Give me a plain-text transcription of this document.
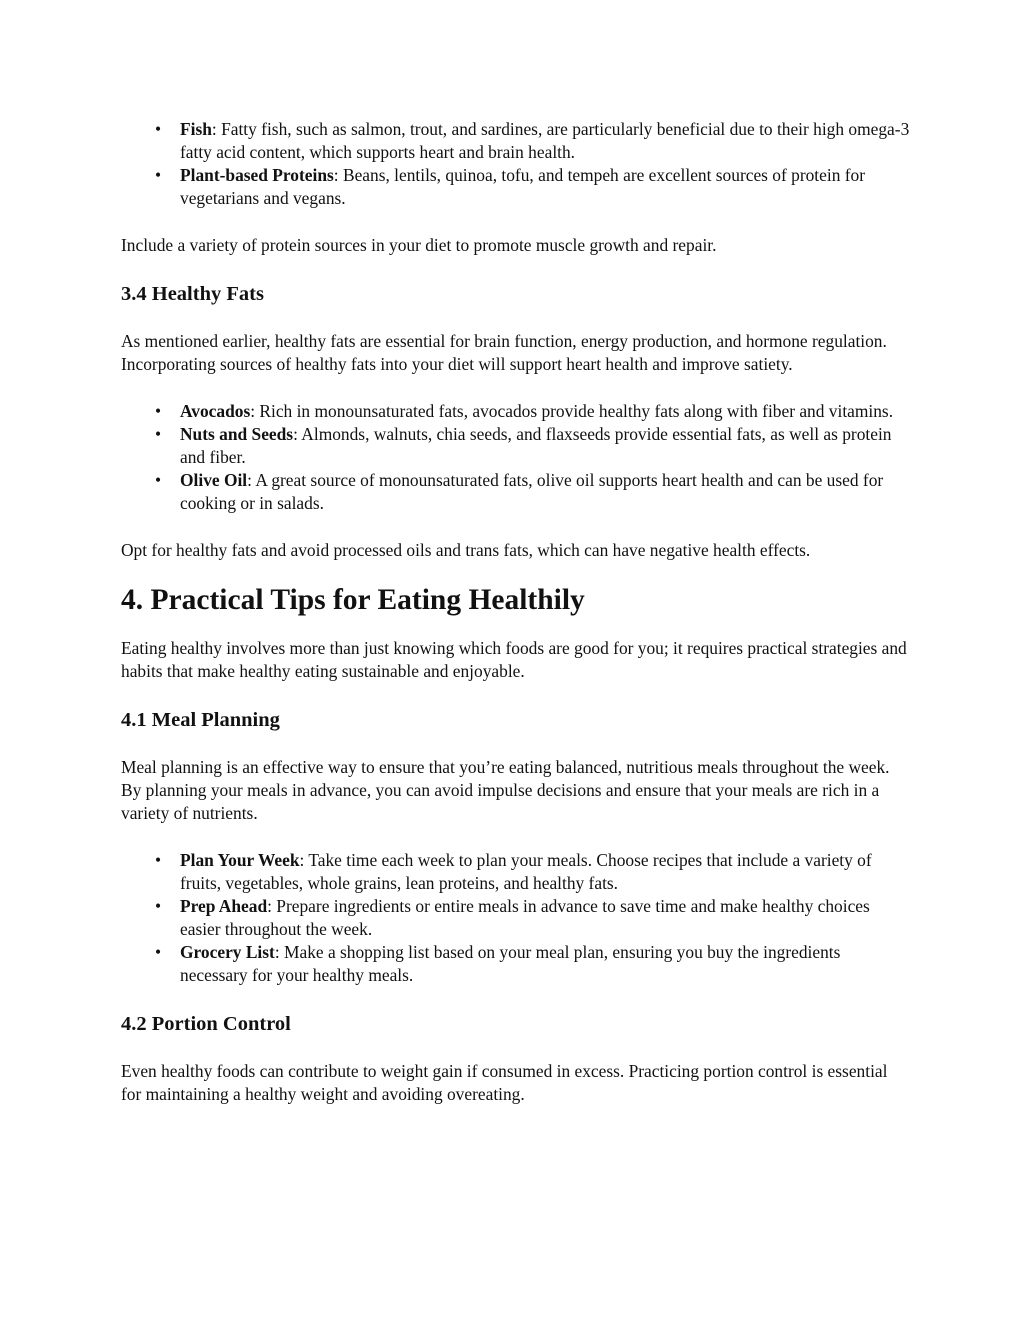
• Fish: Fatty fish, such as salmon, trout, and sardines, are particularly beneficial due to their high omega-3 fatty acid content, which supports heart and brain health.
• Plant-based Proteins: Beans, lentils, quinoa, tofu, and tempeh are excellent sources of protein for vegetarians and vegans.

Include a variety of protein sources in your diet to promote muscle growth and repair.

3.4 Healthy Fats

As mentioned earlier, healthy fats are essential for brain function, energy production, and hormone regulation. Incorporating sources of healthy fats into your diet will support heart health and improve satiety.

• Avocados: Rich in monounsaturated fats, avocados provide healthy fats along with fiber and vitamins.
• Nuts and Seeds: Almonds, walnuts, chia seeds, and flaxseeds provide essential fats, as well as protein and fiber.
• Olive Oil: A great source of monounsaturated fats, olive oil supports heart health and can be used for cooking or in salads.

Opt for healthy fats and avoid processed oils and trans fats, which can have negative health effects.

4. Practical Tips for Eating Healthily

Eating healthy involves more than just knowing which foods are good for you; it requires practical strategies and habits that make healthy eating sustainable and enjoyable.

4.1 Meal Planning

Meal planning is an effective way to ensure that you’re eating balanced, nutritious meals throughout the week. By planning your meals in advance, you can avoid impulse decisions and ensure that your meals are rich in a variety of nutrients.

• Plan Your Week: Take time each week to plan your meals. Choose recipes that include a variety of fruits, vegetables, whole grains, lean proteins, and healthy fats.
• Prep Ahead: Prepare ingredients or entire meals in advance to save time and make healthy choices easier throughout the week.
• Grocery List: Make a shopping list based on your meal plan, ensuring you buy the ingredients necessary for your healthy meals.
4.2 Portion Control

Even healthy foods can contribute to weight gain if consumed in excess. Practicing portion control is essential for maintaining a healthy weight and avoiding overeating.
